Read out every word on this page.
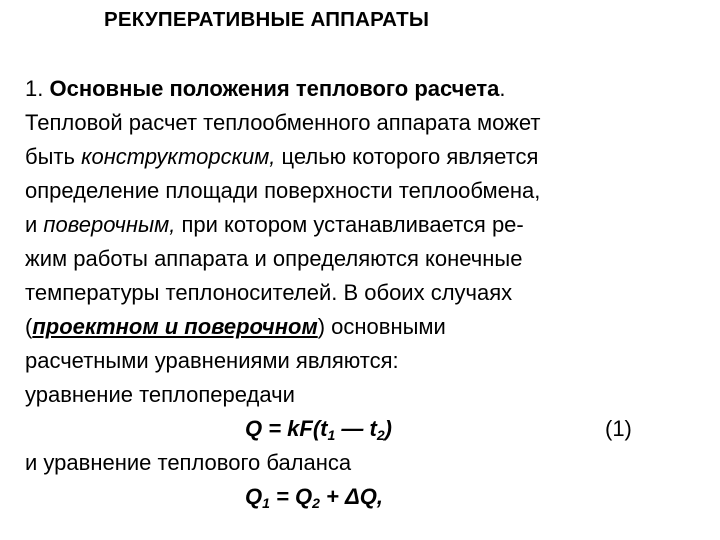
РЕКУПЕРАТИВНЫЕ АППАРАТЫ
1. Основные положения теплового расчета.
Тепловой расчет теплообменного аппарата может
быть конструкторским, целью которого является
определение площади поверхности теплообмена,
и поверочным, при котором устанавливается ре-
жим работы аппарата и определяются конечные
температуры теплоносителей. В обоих случаях
(проектном и поверочном) основными
расчетными уравнениями являются:
уравнение теплопередачи
$Q = kF(t_1$ — $t_2$)	(1)
и уравнение теплового баланса
$Q_1 = Q_2 + \Delta Q$,
